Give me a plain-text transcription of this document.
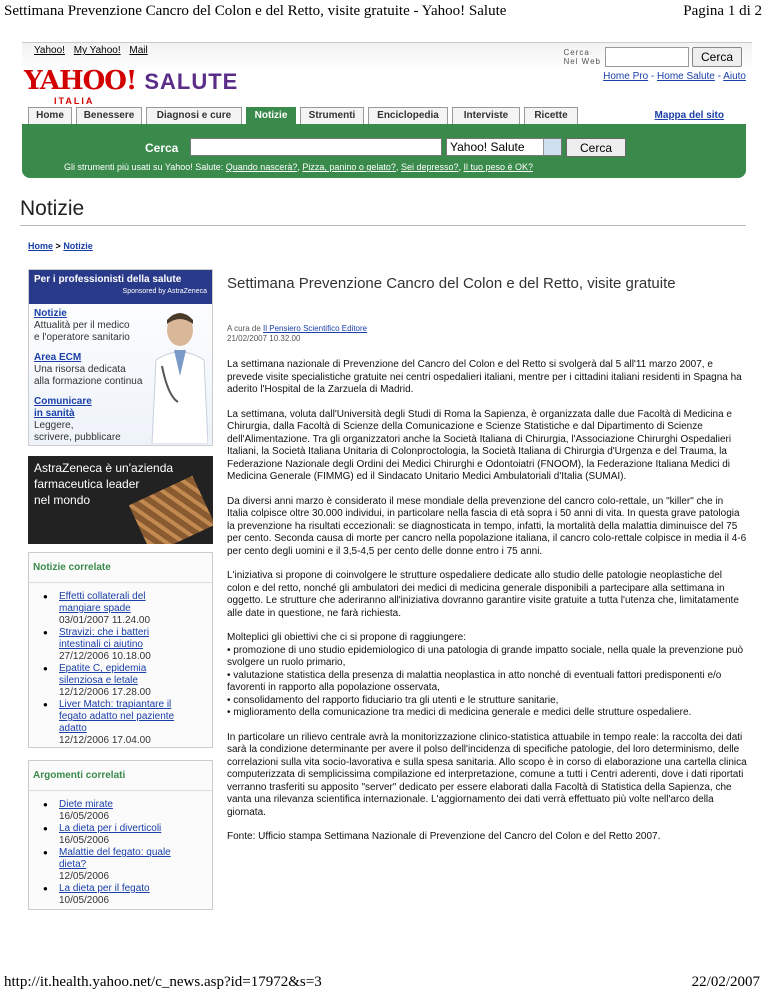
Settimana Prevenzione Cancro del Colon e del Retto, visite gratuite - Yahoo! Salute	Pagina 1 di 2
Yahoo! My Yahoo! Mail	Cerca
Nel Web	Cerca
YAHOO! SALUTE
ITALIA
Home Pro - Home Salute - Aiuto
Home	Benessere	Diagnosi e cure	Notizie	Strumenti	Enciclopedia	Interviste	Ricette	Mappa del sito
Cerca	Yahoo! Salute	Cerca
Gli strumenti più usati su Yahoo! Salute: Quando nascerà?, Pizza, panino o gelato?, Sei depresso?, Il tuo peso è OK?
Notizie
Home > Notizie
Per i professionisti della salute
Sponsored by AstraZeneca
Notizie
Attualità per il medico
e l'operatore sanitario
Area ECM
Una risorsa dedicata
alla formazione continua
Comunicare
in sanità
Leggere,
scrivere, pubblicare
AstraZeneca è un'azienda
farmaceutica leader
nel mondo
Notizie correlate
● Effetti collaterali del
mangiare spade
03/01/2007 11.24.00
● Stravizi: che i batteri
intestinali ci aiutino
27/12/2006 10.18.00
● Epatite C, epidemia
silenziosa e letale
12/12/2006 17.28.00
● Liver Match: trapiantare il
fegato adatto nel paziente
adatto
12/12/2006 17.04.00
Argomenti correlati
● Diete mirate
16/05/2006
● La dieta per i diverticoli
16/05/2006
● Malattie del fegato: quale
dieta?
12/05/2006
● La dieta per il fegato
10/05/2006
Settimana Prevenzione Cancro del Colon e del Retto, visite gratuite
A cura de Il Pensiero Scientifico Editore
21/02/2007 10.32.00

La settimana nazionale di Prevenzione del Cancro del Colon e del Retto si svolgerà dal 5 all'11 marzo 2007, e prevede visite specialistiche gratuite nei centri ospedalieri italiani, mentre per i cittadini italiani residenti in Spagna ha aderito l'Hospital de la Zarzuela di Madrid.

La settimana, voluta dall'Università degli Studi di Roma la Sapienza, è organizzata dalle due Facoltà di Medicina e Chirurgia, dalla Facoltà di Scienze della Comunicazione e Scienze Statistiche e dal Dipartimento di Scienze dell'Alimentazione. Tra gli organizzatori anche la Società Italiana di Chirurgia, l'Associazione Chirurghi Ospedalieri Italiani, la Società Italiana Unitaria di Colonproctologia, la Società Italiana di Chirurgia d'Urgenza e del Trauma, la Federazione Nazionale degli Ordini dei Medici Chirurghi e Odontoiatri (FNOOM), la Federazione Italiana Medici di Medicina Generale (FIMMG) ed il Sindacato Unitario Medici Ambulatoriali d'Italia (SUMAI).

Da diversi anni marzo è considerato il mese mondiale della prevenzione del cancro colo-rettale, un "killer" che in Italia colpisce oltre 30.000 individui, in particolare nella fascia di età sopra i 50 anni di vita. In questa grave patologia la prevenzione ha risultati eccezionali: se diagnosticata in tempo, infatti, la mortalità della malattia diminuisce del 75 per cento. Seconda causa di morte per cancro nella popolazione italiana, il cancro colo-rettale colpisce in media il 4-6 per cento degli uomini e il 3,5-4,5 per cento delle donne entro i 75 anni.

L'iniziativa si propone di coinvolgere le strutture ospedaliere dedicate allo studio delle patologie neoplastiche del colon e del retto, nonché gli ambulatori dei medici di medicina generale disponibili a partecipare alla settimana in oggetto. Le strutture che aderiranno all'iniziativa dovranno garantire visite gratuite a tutta l'utenza che, limitatamente alle date in questione, ne farà richiesta.

Molteplici gli obiettivi che ci si propone di raggiungere:
• promozione di uno studio epidemiologico di una patologia di grande impatto sociale, nella quale la prevenzione può svolgere un ruolo primario,
• valutazione statistica della presenza di malattia neoplastica in atto nonché di eventuali fattori predisponenti e/o favorenti in rapporto alla popolazione osservata,
• consolidamento del rapporto fiduciario tra gli utenti e le strutture sanitarie,
• miglioramento della comunicazione tra medici di medicina generale e medici delle strutture ospedaliere.

In particolare un rilievo centrale avrà la monitorizzazione clinico-statistica attuabile in tempo reale: la raccolta dei dati sarà la condizione determinante per avere il polso dell'incidenza di specifiche patologie, del loro determinismo, delle correlazioni sulla vita socio-lavorativa e sulla spesa sanitaria. Allo scopo è in corso di elaborazione una cartella clinica computerizzata di semplicissima compilazione ed interpretazione, comune a tutti i Centri aderenti, dove i dati riportati verranno trasferiti su apposito "server" dedicato per essere elaborati dalla Facoltà di Statistica della Sapienza, che vanta una rilevanza scientifica internazionale. L'aggiornamento dei dati verrà effettuato più volte nell'arco della giornata.

Fonte: Ufficio stampa Settimana Nazionale di Prevenzione del Cancro del Colon e del Retto 2007.

http://it.health.yahoo.net/c_news.asp?id=17972&s=3	22/02/2007
